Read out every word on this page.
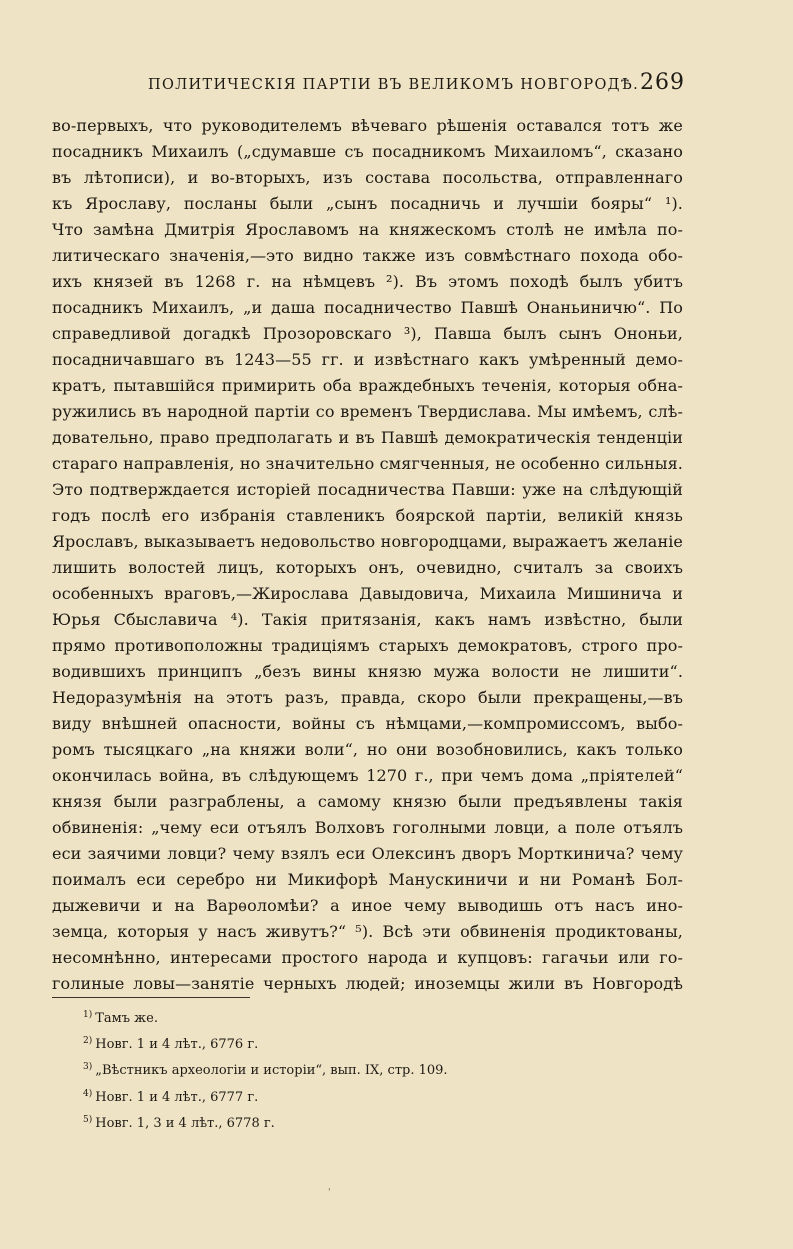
ПОЛИТИЧЕСКІЯ ПАРТІИ ВЪ ВЕЛИКОМЪ НОВГОРОДѢ. 269

во-первыхъ, что руководителемъ вѣчеваго рѣшенія оставался тотъ же
посадникъ Михаилъ („сдумавше съ посадникомъ Михаиломъ“, сказано
въ лѣтописи), и во-вторыхъ, изъ состава посольства, отправленнаго
къ Ярославу, посланы были „сынъ посадничь и лучшіи бояры“ ¹).
Что замѣна Дмитрія Ярославомъ на княжескомъ столѣ не имѣла по-
литическаго значенія,—это видно также изъ совмѣстнаго похода обо-
ихъ князей въ 1268 г. на нѣмцевъ ²). Въ этомъ походѣ былъ убитъ
посадникъ Михаилъ, „и даша посадничество Павшѣ Онаньиничю“. По
справедливой догадкѣ Прозоровскаго ³), Павша былъ сынъ Ононьи,
посадничавшаго въ 1243—55 гг. и извѣстнаго какъ умѣренный демо-
кратъ, пытавшійся примирить оба враждебныхъ теченія, которыя обна-
ружились въ народной партіи со временъ Твердислава. Мы имѣемъ, слѣ-
довательно, право предполагать и въ Павшѣ демократическія тенденціи
стараго направленія, но значительно смягченныя, не особенно сильныя.
Это подтверждается исторіей посадничества Павши: уже на слѣдующій
годъ послѣ его избранія ставленикъ боярской партіи, великій князь
Ярославъ, выказываетъ недовольство новгородцами, выражаетъ желаніе
лишить волостей лицъ, которыхъ онъ, очевидно, считалъ за своихъ
особенныхъ враговъ,—Жирослава Давыдовича, Михаила Мишинича и
Юрья Сбыславича ⁴). Такія притязанія, какъ намъ извѣстно, были
прямо противоположны традиціямъ старыхъ демократовъ, строго про-
водившихъ принципъ „безъ вины князю мужа волости не лишити“.
Недоразумѣнія на этотъ разъ, правда, скоро были прекращены,—въ
виду внѣшней опасности, войны съ нѣмцами,—компромиссомъ, выбо-
ромъ тысяцкаго „на княжи воли“, но они возобновились, какъ только
окончилась война, въ слѣдующемъ 1270 г., при чемъ дома „пріятелей“
князя были разграблены, а самому князю были предъявлены такія
обвиненія: „чему еси отъялъ Волховъ гоголными ловци, а поле отъялъ
еси заячими ловци? чему взялъ еси Олексинъ дворъ Морткинича? чему
поималъ еси серебро ни Микифорѣ Манускиничи и ни Романѣ Бол-
дыжевичи и на Варѳоломѣи? а иное чему выводишь отъ насъ ино-
земца, которыя у насъ живутъ?“ ⁵). Всѣ эти обвиненія продиктованы,
несомнѣнно, интересами простого народа и купцовъ: гагачьи или го-
голиные ловы—занятіе черныхъ людей; иноземцы жили въ Новгородѣ

$^{1)}$ Тамъ же.
$^{2)}$ Новг. 1 и 4 лѣт., 6776 г.
$^{3)}$ „Вѣстникъ археологіи и исторіи“, вып. IX, стр. 109.
$^{4)}$ Новг. 1 и 4 лѣт., 6777 г.
$^{5)}$ Новг. 1, 3 и 4 лѣт., 6778 г.
'
